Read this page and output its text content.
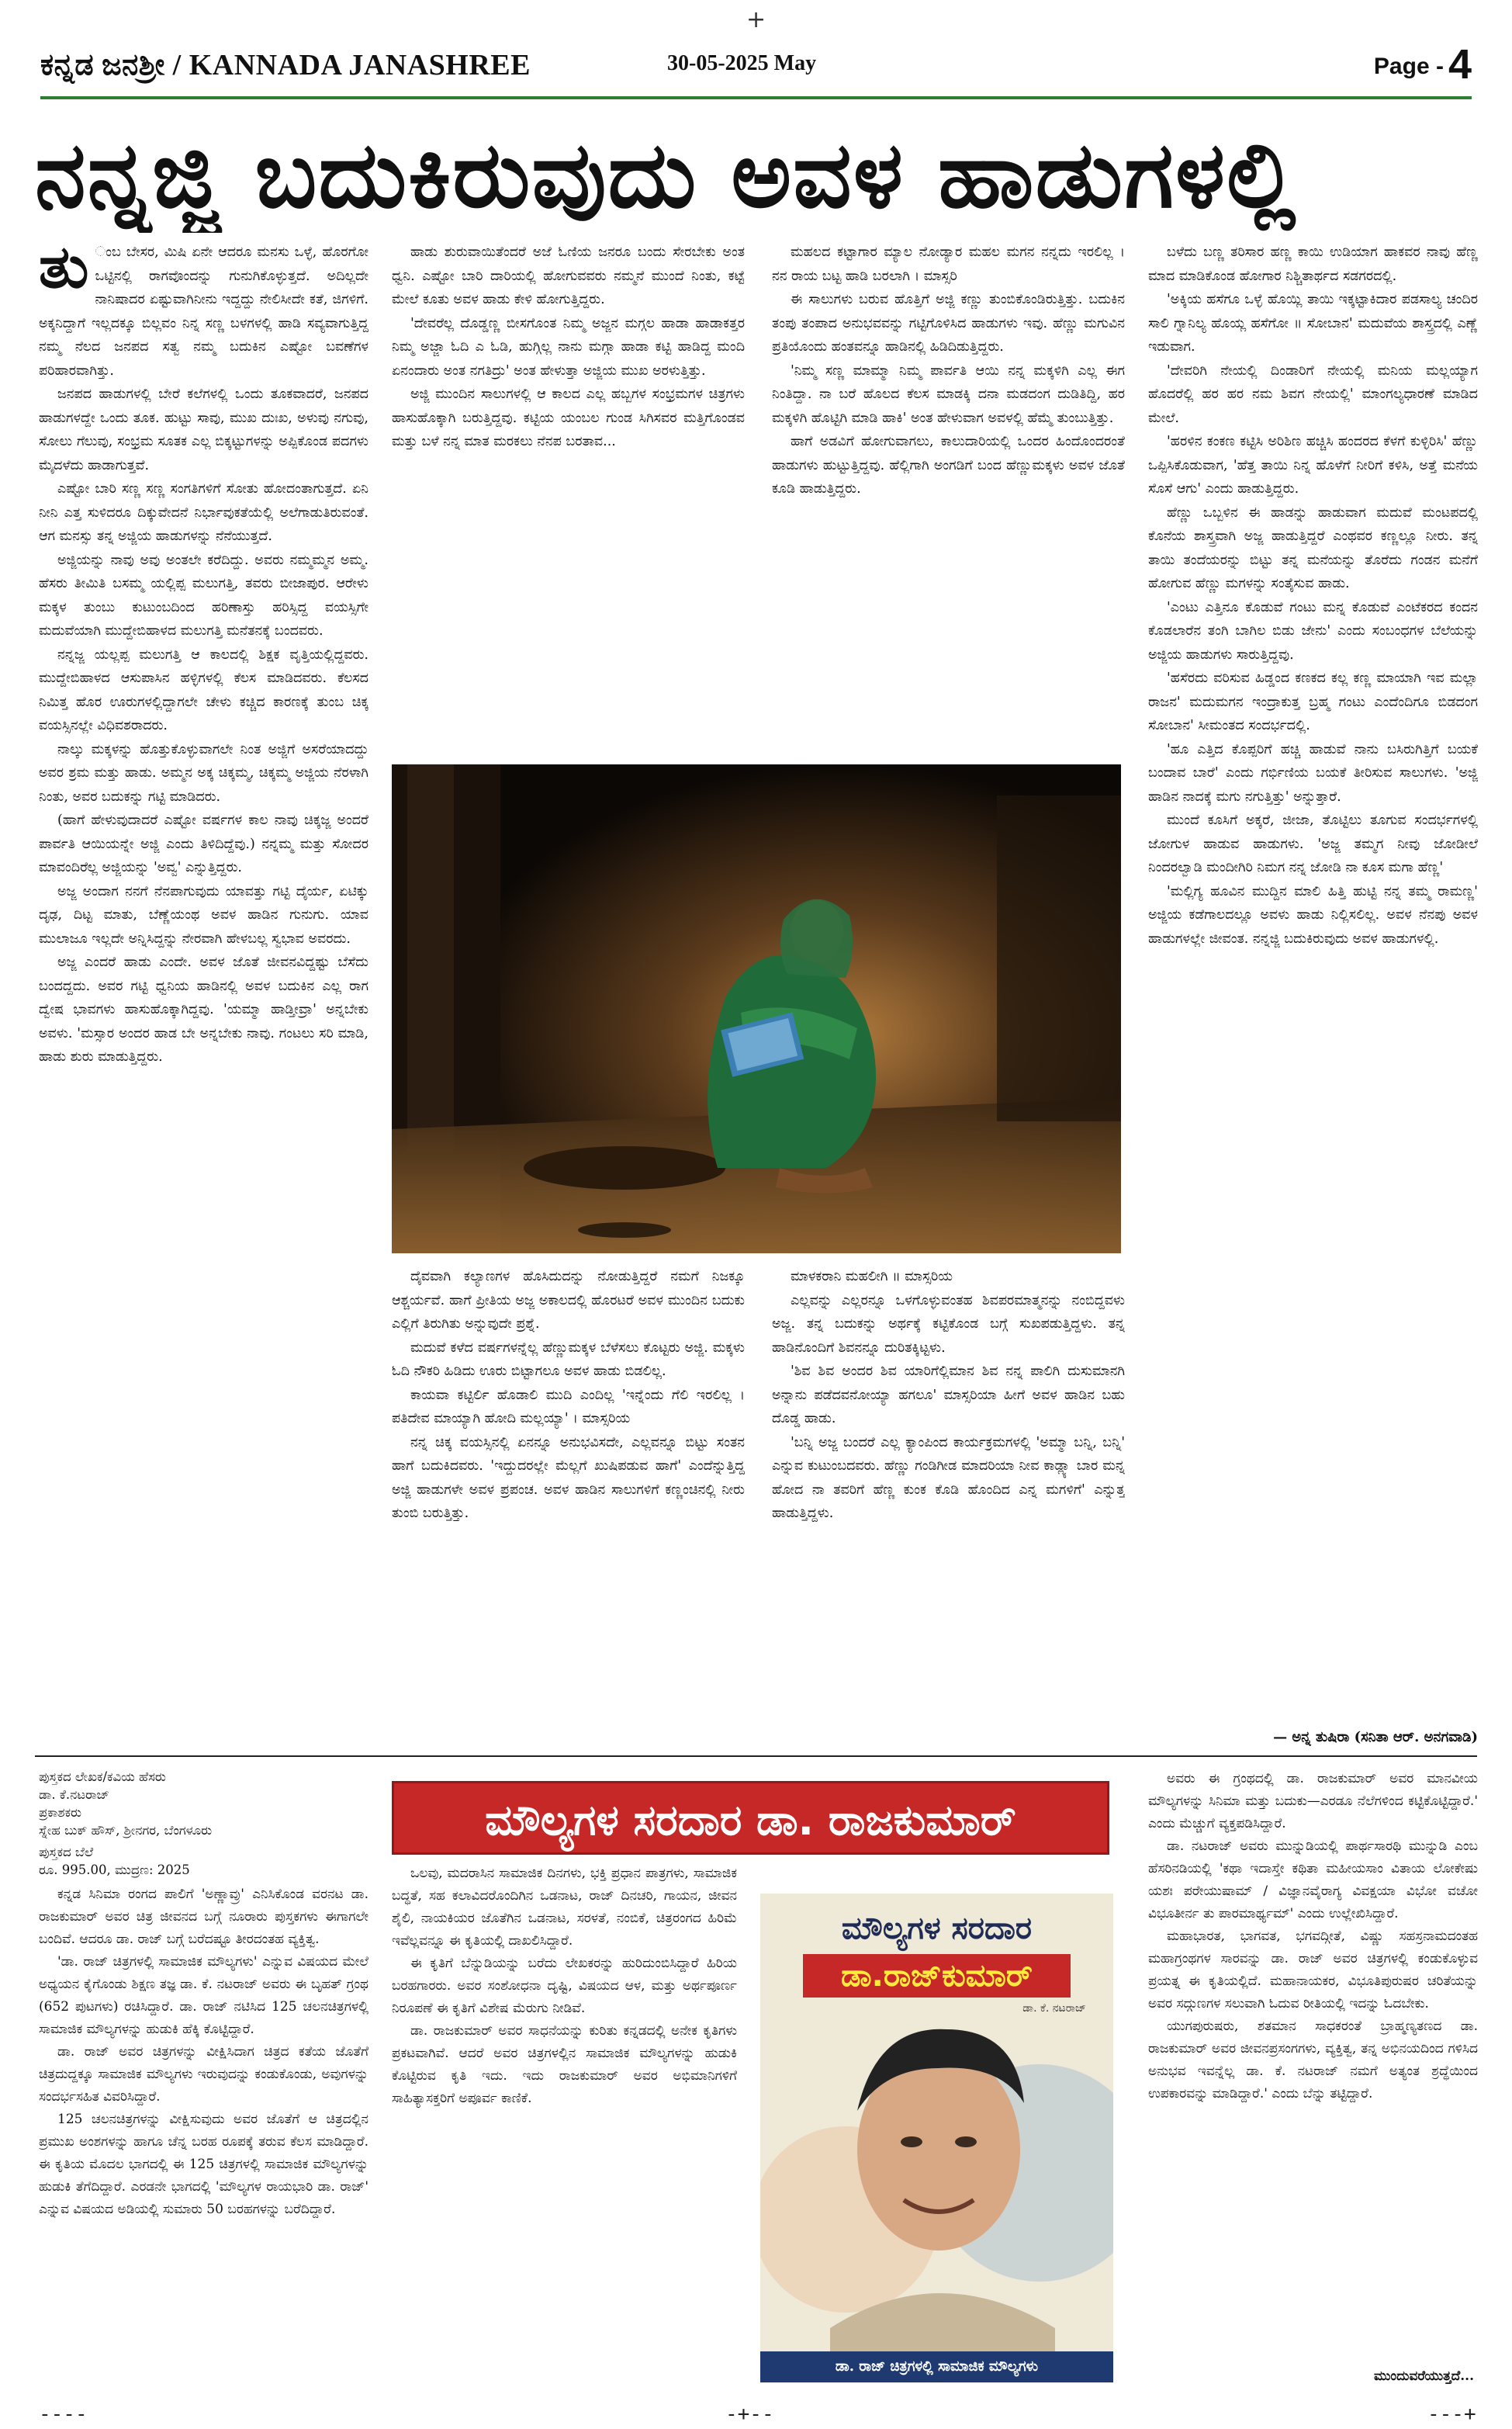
+
ಕನ್ನಡ ಜನಶ್ರೀ / KANNADA JANASHREE	30-05-2025 May	Page - 4
ನನ್ನಜ್ಜಿ ಬದುಕಿರುವುದು ಅವಳ ಹಾಡುಗಳಲ್ಲಿ
ತು ಂಬ ಬೇಸರ, ಮಿಷಿ ಏನೇ ಆದರೂ ಮನಸು ಒಳ್ಳೆ, ಹೊರಗೋ ಒಟ್ಟಿನಲ್ಲಿ ರಾಗವೊಂದನ್ನು ಗುನುಗಿಕೊಳ್ಳುತ್ತದೆ. ಅದಿಲ್ಲದೇ ನಾನಿಷಾದರ ಏಷ್ಟುವಾಗಿನೀನು ಇದ್ದದ್ದು ನೇಲಿಸೀದೇ ಕತೆ, ಜಿಗಳಿಗೆ. ಅಕ್ಕನಿದ್ದಾಗೆ ಇಲ್ಲದಕ್ಕೂ ಬಿಲ್ಲವಂ ನಿನ್ನ ಸಣ್ಣ ಬಳಗಳಲ್ಲಿ ಹಾಡಿ ಸವ್ಯವಾಗುತ್ತಿದ್ದ ನಮ್ಮ ನೆಲದ ಜನಪದ ಸತ್ವ ನಮ್ಮ ಬದುಕಿನ ಎಷ್ಟೋ ಬವಣೆಗಳ ಪರಿಹಾರವಾಗಿತ್ತು.

ಜನಪದ ಹಾಡುಗಳಲ್ಲಿ ಬೇರೆ ಕಲೆಗಳಲ್ಲಿ ಒಂದು ತೂಕವಾದರೆ, ಜನಪದ ಹಾಡುಗಳದ್ದೇ ಒಂದು ತೂಕ. ಹುಟ್ಟು ಸಾವು, ಮುಖ ದುಃಖ, ಅಳುವು ನಗುವು, ಸೋಲು ಗೆಲುವು, ಸಂಭ್ರಮ ಸೂತಕ ಎಲ್ಲ ಬಿಕ್ಕಟ್ಟುಗಳನ್ನು ಅಪ್ಪಿಕೊಂಡ ಪದಗಳು ಮೈದಳೆದು ಹಾಡಾಗುತ್ತವೆ.

ಎಷ್ಟೋ ಬಾರಿ ಸಣ್ಣ ಸಣ್ಣ ಸಂಗತಿಗಳಿಗೆ ಸೋತು ಹೋದಂತಾಗುತ್ತದೆ. ಏನಿ ನೀನಿ ಎತ್ತ ಸುಳಿದರೂ ದಿಕ್ಕುವೇದನೆ ನಿರ್ಭಾವುಕತೆಯೆಲ್ಲಿ ಅಲೆಗಾಡುತಿರುವಂತೆ. ಆಗ ಮನಸ್ಸು ತನ್ನ ಅಜ್ಜಿಯ ಹಾಡುಗಳನ್ನು ನೆನೆಯುತ್ತದೆ.

ಅಜ್ಜಿಯನ್ನು ನಾವು ಅವು ಅಂತಲೇ ಕರೆದಿದ್ದು. ಅವರು ನಮ್ಮಮ್ಮನ ಅಮ್ಮ. ಹೆಸರು ತೀಮಿತಿ ಬಸಮ್ಮ ಯಲ್ಲಿಪ್ಪ ಮಲುಗತ್ತಿ, ತವರು ಬೀಜಾಪುರ. ಆರೇಳು ಮಕ್ಕಳ ತುಂಬು ಕುಟುಂಬದಿಂದ ಹರಿಣಾಸ್ತು ಹರಿಸ್ಸಿದ್ದ ವಯಸ್ಸಿಗೇ ಮದುವೆಯಾಗಿ ಮುದ್ದೇಬಿಹಾಳದ ಮಲುಗತ್ತಿ ಮನೆತನಕ್ಕೆ ಬಂದವರು.

ನನ್ನಜ್ಜ ಯಲ್ಲಪ್ಪ ಮಲುಗತ್ತಿ ಆ ಕಾಲದಲ್ಲಿ ಶಿಕ್ಷಕ ವೃತ್ತಿಯಲ್ಲಿದ್ದವರು. ಮುದ್ದೇಬಿಹಾಳದ ಆಸುಪಾಸಿನ ಹಳ್ಳಿಗಳಲ್ಲಿ ಕೆಲಸ ಮಾಡಿದವರು. ಕೆಲಸದ ನಿಮಿತ್ತ ಹೊರ ಊರುಗಳಲ್ಲಿದ್ದಾಗಲೇ ಚೇಳು ಕಚ್ಚಿದ ಕಾರಣಕ್ಕೆ ತುಂಬ ಚಿಕ್ಕ ವಯಸ್ಸಿನಲ್ಲೇ ವಿಧಿವಶರಾದರು.

ನಾಲ್ಕು ಮಕ್ಕಳನ್ನು ಹೊತ್ತುಕೊಳ್ಳುವಾಗಲೇ ನಿಂತ ಅಜ್ಜಿಗೆ ಅಸರೆಯಾದದ್ದು ಅವರ ಶ್ರಮ ಮತ್ತು ಹಾಡು. ಅಮ್ಮನ ಅಕ್ಕ ಚಿಕ್ಕಮ್ಮ, ಚಿಕ್ಕಮ್ಮ ಅಜ್ಜಿಯ ನೆರಳಾಗಿ ನಿಂತು, ಅವರ ಬದುಕನ್ನು ಗಟ್ಟಿ ಮಾಡಿದರು.

(ಹಾಗೆ ಹೇಳುವುದಾದರೆ ಎಷ್ಟೋ ವರ್ಷಗಳ ಕಾಲ ನಾವು ಚಿಕ್ಕಜ್ಜ ಅಂದರೆ ಪಾರ್ವತಿ ಆಯಿಯನ್ನೇ ಅಜ್ಜಿ ಎಂದು ತಿಳಿದಿದ್ದೆವು.) ನನ್ನಮ್ಮ ಮತ್ತು ಸೋದರ ಮಾವಂದಿರೆಲ್ಲ ಅಜ್ಜಿಯನ್ನು 'ಅವ್ವ' ಎನ್ನುತ್ತಿದ್ದರು.

ಅಜ್ಜ ಅಂದಾಗ ನನಗೆ ನೆನಪಾಗುವುದು ಯಾವತ್ತು ಗಟ್ಟಿ ದೈರ್ಯ, ಏಟಿಕ್ಕು ದೃಢ, ದಿಟ್ಟ ಮಾತು, ಬೆಣ್ಣೆಯಂಥ ಅವಳ ಹಾಡಿನ ಗುನುಗು. ಯಾವ ಮುಲಾಜೂ ಇಲ್ಲದೇ ಅನ್ನಿಸಿದ್ದನ್ನು ನೇರವಾಗಿ ಹೇಳಬಲ್ಲ ಸ್ವಭಾವ ಅವರದು.

ಅಜ್ಜ ಎಂದರೆ ಹಾಡು ಎಂದೇ. ಅವಳ ಜೊತೆ ಜೀವನವಿದ್ದಷ್ಟು ಬೆಸೆದು ಬಂದದ್ದದು. ಅವರ ಗಟ್ಟಿ ಧ್ವನಿಯ ಹಾಡಿನಲ್ಲಿ ಅವಳ ಬದುಕಿನ ಎಲ್ಲ ರಾಗ ದ್ವೇಷ ಭಾವಗಳು ಹಾಸುಹೊಕ್ಕಾಗಿದ್ದವು. 'ಯಮ್ಮಾ ಹಾಡ್ತೀವ್ರಾ' ಅನ್ನಬೇಕು ಅವಳು. 'ಮಸ್ಸಾರ ಅಂದರ ಹಾಡ ಬೇ ಅನ್ನಬೇಕು ನಾವು. ಗಂಟಲು ಸರಿ ಮಾಡಿ, ಹಾಡು ಶುರು ಮಾಡುತ್ತಿದ್ದರು.

ಹಾಡು ಶುರುವಾಯಿತೆಂದರೆ ಅಜೆ ಓಣಿಯ ಜನರೂ ಬಂದು ಸೇರಬೇಕು ಅಂತ ಧ್ವನಿ. ಎಷ್ಟೋ ಬಾರಿ ದಾರಿಯಲ್ಲಿ ಹೋಗುವವರು ನಮ್ಮನೆ ಮುಂದೆ ನಿಂತು, ಕಟ್ಟೆ ಮೇಲೆ ಕೂತು ಅವಳ ಹಾಡು ಕೇಳಿ ಹೋಗುತ್ತಿದ್ದರು.

'ದೇವರೆಲ್ಲ ದೊಡ್ಡಣ್ಣ ಬೀಸಗೊಂತ ನಿಮ್ಮ ಅಜ್ಜನ ಮಗ್ಗಲ ಹಾಡಾ ಹಾಡಾಕತ್ತರ ನಿಮ್ಮ ಅಜ್ಜಾ ಓದಿ ಎ ಓಡಿ, ಹುಗ್ಗಿಲ್ಲ ನಾನು ಮಗ್ಗಾ ಹಾಡಾ ಕಟ್ಟಿ ಹಾಡಿದ್ದ ಮಂದಿ ಏನಂದಾರು ಅಂತ ನಗತಿದ್ರು' ಅಂತ ಹೇಳುತ್ತಾ ಅಜ್ಜಿಯ ಮುಖ ಅರಳುತ್ತಿತ್ತು.

ಅಜ್ಜಿ ಮುಂದಿನ ಸಾಲುಗಳಲ್ಲಿ ಆ ಕಾಲದ ಎಲ್ಲ ಹಬ್ಬಗಳ ಸಂಭ್ರಮಗಳ ಚಿತ್ರಗಳು ಹಾಸುಹೊಕ್ಕಾಗಿ ಬರುತ್ತಿದ್ದವು. ಕಟ್ಟಿಯ ಯಂಬಲ ಗುಂಡ ಸಿಗಿಸವರ ಮತ್ತಿಗೊಂಡವ ಮತ್ತು ಬಳೆ ನನ್ನ ಮಾತ ಮರಕಲು ನೆನಪ ಬರತಾವ...

ಮಹಲದ ಕಟ್ಟಾಗಾರ ಮ್ಯಾಲ ನೋಡ್ಯಾರ ಮಹಲ ಮಗನ ನನ್ನದು ಇರಲಿಲ್ಲ । ನನ ರಾಯ ಬಟ್ಟ ಹಾಡಿ ಬರಲಾಗಿ । ಮಾಸ್ಸರಿ

ಈ ಸಾಲುಗಳು ಬರುವ ಹೊತ್ತಿಗೆ ಅಜ್ಜಿ ಕಣ್ಣು ತುಂಬಿಕೊಂಡಿರುತ್ತಿತ್ತು. ಬದುಕಿನ ತಂಪು ತಂಪಾದ ಅನುಭವವನ್ನು ಗಟ್ಟಿಗೊಳಿಸಿದ ಹಾಡುಗಳು ಇವು. ಹೆಣ್ಣು ಮಗುವಿನ ಪ್ರತಿಯೊಂದು ಹಂತವನ್ನೂ ಹಾಡಿನಲ್ಲಿ ಹಿಡಿದಿಡುತ್ತಿದ್ದರು.

'ನಿಮ್ಮ ಸಣ್ಣ ಮಾಮ್ಮಾ ನಿಮ್ಮ ಪಾರ್ವತಿ ಆಯಿ ನನ್ನ ಮಕ್ಕಳಿಗಿ ಎಲ್ಲ ಈಗ ನಿಂತಿದ್ದಾ. ನಾ ಬರೆ ಹೊಲದ ಕೆಲಸ ಮಾಡಕ್ಕಿ ದನಾ ಮಡದಂಗ ದುಡಿತಿದ್ದಿ, ಹರ ಮಕ್ಕಳಿಗಿ ಹೊಟ್ಟಿಗಿ ಮಾಡಿ ಹಾಕಿ' ಅಂತ ಹೇಳುವಾಗ ಅವಳಲ್ಲಿ ಹೆಮ್ಮೆ ತುಂಬುತ್ತಿತ್ತು.

ಹಾಗೆ ಅಡವಿಗೆ ಹೋಗುವಾಗಲು, ಕಾಲುದಾರಿಯಲ್ಲಿ ಒಂದರ ಹಿಂದೊಂದರಂತೆ ಹಾಡುಗಳು ಹುಟ್ಟುತ್ತಿದ್ದವು. ಹೆಲ್ಲಿಗಾಗಿ ಅಂಗಡಿಗೆ ಬಂದ ಹೆಣ್ಣುಮಕ್ಕಳು ಅವಳ ಜೊತೆ ಕೂಡಿ ಹಾಡುತ್ತಿದ್ದರು.

ಬಳೆದು ಬಣ್ಣ ತರಿಸಾರ ಹಣ್ಣ ಕಾಯಿ ಉಡಿಯಾಗ ಹಾಕವರ ನಾವು ಹೆಣ್ಣ ಮಾದ ಮಾಡಿಕೊಂಡ ಹೋಗಾರ ನಿಶ್ಚಿತಾರ್ಥದ ಸಡಗರದಲ್ಲಿ.

'ಅಕ್ಕಿಯ ಹಸೆಗೂ ಒಳ್ಳೆ ಹೊಯ್ಲಿ ತಾಯಿ ಇಕ್ಕಟ್ಟಾಕಿದಾರ ಪಡಸಾಲ್ಯ ಚಂದಿರ ಸಾಲಿ ಗ್ನಾನಿಲ್ಯ ಹೊಯ್ಲ ಹಸೆಗೋ ॥ ಸೋಬಾನ' ಮದುವೆಯ ಶಾಸ್ತ್ರದಲ್ಲಿ ಎಣ್ಣೆ ಇಡುವಾಗ.

'ದೇವರಿಗಿ ನೇಯಲ್ಲಿ ದಿಂಡಾರಿಗೆ ನೇಯಲ್ಲಿ ಮನಿಯ ಮಲ್ಲಯ್ಯಾಗ ಹೊದರೆಲ್ಲಿ ಹರ ಹರ ನಮ ಶಿವಗ ನೇಯಲ್ಲಿ' ಮಾಂಗಲ್ಯಧಾರಣೆ ಮಾಡಿದ ಮೇಲೆ.

'ಹರಳಿನ ಕಂಕಣ ಕಟ್ಟಿಸಿ ಅರಿಶಿಣ ಹಚ್ಚಿಸಿ ಹಂದರದ ಕೆಳಗೆ ಕುಳ್ಳಿರಿಸಿ' ಹೆಣ್ಣು ಒಪ್ಪಿಸಿಕೊಡುವಾಗ, 'ಹೆತ್ತ ತಾಯಿ ನಿನ್ನ ಹೊಳೆಗೆ ನೀರಿಗೆ ಕಳಿಸಿ, ಅತ್ತೆ ಮನೆಯ ಸೊಸೆ ಆಗು' ಎಂದು ಹಾಡುತ್ತಿದ್ದರು.

ಹೆಣ್ಣು ಒಬ್ಬಳಿನ ಈ ಹಾಡನ್ನು ಹಾಡುವಾಗ ಮದುವೆ ಮಂಟಪದಲ್ಲಿ ಕೊನೆಯ ಶಾಸ್ತ್ರವಾಗಿ ಅಜ್ಜ ಹಾಡುತ್ತಿದ್ದರೆ ಎಂಥವರ ಕಣ್ಣಲ್ಲೂ ನೀರು. ತನ್ನ ತಾಯಿ ತಂದೆಯರನ್ನು ಬಿಟ್ಟು ತನ್ನ ಮನೆಯನ್ನು ತೊರೆದು ಗಂಡನ ಮನೆಗೆ ಹೋಗುವ ಹೆಣ್ಣು ಮಗಳನ್ನು ಸಂತೈಸುವ ಹಾಡು.

'ಎಂಟು ಎತ್ತಿನೂ ಕೊಡುವೆ ಗಂಟು ಮನ್ನ ಕೊಡುವೆ ಎಂಟೆಕರದ ಕಂದನ ಕೊಡಲಾರೆನ ತಂಗಿ ಬಾಗಿಲ ಬಿಡು ಜೇನು' ಎಂದು ಸಂಬಂಧಗಳ ಬೆಲೆಯನ್ನು ಅಜ್ಜಿಯ ಹಾಡುಗಳು ಸಾರುತ್ತಿದ್ದವು.

'ಹಸೆರದು ವರಿಸುವ ಹಿಡ್ಡಂದ ಕಣಕದ ಕಲ್ಲ ಕಣ್ಣ ಮಾಯಾಗಿ ಇವ ಮಲ್ಲಾ ರಾಜನ' ಮದುಮಗನ ಇಂದ್ರಾಕುತ್ತ ಬ್ರಹ್ಮ ಗಂಟು ಎಂದೆಂದಿಗೂ ಬಿಡದಂಗ ಸೋಬಾನ' ಸೀಮಂತದ ಸಂದರ್ಭದಲ್ಲಿ.

'ಹೂ ಎತ್ತಿದ ಕೊಪ್ಪರಿಗೆ ಹಚ್ಚಿ ಹಾಡುವೆ ನಾನು ಬಸಿರುಗಿತ್ತಿಗೆ ಬಯಕೆ ಬಂದಾವ ಬಾರೆ' ಎಂದು ಗರ್ಭಿಣಿಯ ಬಯಕೆ ತೀರಿಸುವ ಸಾಲುಗಳು. 'ಅಜ್ಜಿ ಹಾಡಿನ ನಾದಕ್ಕೆ ಮಗು ನಗುತ್ತಿತ್ತು' ಅನ್ನುತ್ತಾರೆ.

ಮುಂದೆ ಕೂಸಿಗೆ ಅಕ್ಕರೆ, ಜೀಜಾ, ತೊಟ್ಟಿಲು ತೂಗುವ ಸಂದರ್ಭಗಳಲ್ಲಿ ಜೋಗುಳ ಹಾಡುವ ಹಾಡುಗಳು. 'ಅಜ್ಜ ತಮ್ಮಗ ನೀವು ಜೋಡೀಲೆ ನಿಂದರಲ್ವಾಡಿ ಮಂದೀಗಿರಿ ನಿಮಗ ನನ್ನ ಜೋಡಿ ನಾ ಕೂಸ ಮಗಾ ಹೆಣ್ಣ'

'ಮಲ್ಲಿಗ್ಯ ಹೂವಿನ ಮುದ್ದಿನ ಮಾಲಿ ಹಿತ್ತಿ ಹುಟ್ಟಿ ನನ್ನ ತಮ್ಮ ರಾಮಣ್ಣ' ಅಜ್ಜಿಯ ಕಡೆಗಾಲದಲ್ಲೂ ಅವಳು ಹಾಡು ನಿಲ್ಲಿಸಲಿಲ್ಲ. ಅವಳ ನೆನಪು ಅವಳ ಹಾಡುಗಳಲ್ಲೇ ಜೀವಂತ. ನನ್ನಜ್ಜಿ ಬದುಕಿರುವುದು ಅವಳ ಹಾಡುಗಳಲ್ಲಿ.

ದೈವವಾಗಿ ಕಲ್ಯಾಣಗಳ ಹೊಸಿದುದನ್ನು ನೋಡುತ್ತಿದ್ದರೆ ನಮಗೆ ನಿಜಕ್ಕೂ ಆಶ್ಚರ್ಯವೆ. ಹಾಗೆ ಪ್ರೀತಿಯ ಅಜ್ಜ ಅಕಾಲದಲ್ಲಿ ಹೊರಟರೆ ಅವಳ ಮುಂದಿನ ಬದುಕು ಎಲ್ಲಿಗೆ ತಿರುಗಿತು ಅನ್ನುವುದೇ ಪ್ರಶ್ನೆ.

ಮದುವೆ ಕಳೆದ ವರ್ಷಗಳನ್ನೆಲ್ಲ ಹೆಣ್ಣುಮಕ್ಕಳ ಬೆಳೆಸಲು ಕೊಟ್ಟರು ಅಜ್ಜಿ. ಮಕ್ಕಳು ಓದಿ ನೌಕರಿ ಹಿಡಿದು ಊರು ಬಿಟ್ಟಾಗಲೂ ಅವಳ ಹಾಡು ಬಿಡಲಿಲ್ಲ.

ಕಾಯವಾ ಕಟ್ಟಿರ್ಲಿ ಹೊಡಾಲಿ ಮುದಿ ಎಂದಿಲ್ಲ 'ಇನ್ನೆಂದು ಗೆಲಿ ಇರಲಿಲ್ಲ । ಪತಿದೇವ ಮಾಯ್ಯಾಗಿ ಹೋದಿ ಮಲ್ಲಯ್ಯಾ' । ಮಾಸ್ಸರಿಯ

ನನ್ನ ಚಿಕ್ಕ ವಯಸ್ಸಿನಲ್ಲಿ ಏನನ್ನೂ ಅನುಭವಿಸದೇ, ಎಲ್ಲವನ್ನೂ ಬಿಟ್ಟು ಸಂತನ ಹಾಗೆ ಬದುಕಿದವರು. 'ಇದ್ದುದರಲ್ಲೇ ಮೆಲ್ಲಗೆ ಖುಷಿಪಡುವ ಹಾಗೆ' ಎಂದೆನ್ನುತ್ತಿದ್ದ ಅಜ್ಜಿ ಹಾಡುಗಳೇ ಅವಳ ಪ್ರಪಂಚ. ಅವಳ ಹಾಡಿನ ಸಾಲುಗಳಿಗೆ ಕಣ್ಣಂಚಿನಲ್ಲಿ ನೀರು ತುಂಬಿ ಬರುತ್ತಿತ್ತು.

ಮಾಳಕರಾನಿ ಮಹಲೀಗಿ ॥ ಮಾಸ್ಸರಿಯ

ಎಲ್ಲವನ್ನು ಎಲ್ಲರನ್ನೂ ಒಳಗೊಳ್ಳುವಂತಹ ಶಿವಪರಮಾತ್ಮನನ್ನು ನಂಬಿದ್ದವಳು ಅಜ್ಜ. ತನ್ನ ಬದುಕನ್ನು ಅರ್ಥಕ್ಕೆ ಕಟ್ಟಿಕೊಂಡ ಬಗ್ಗೆ ಸುಖಪಡುತ್ತಿದ್ದಳು. ತನ್ನ ಹಾಡಿನೊಂದಿಗೆ ಶಿವನನ್ನೂ ದುರಿತಕ್ಕಿಟ್ಟಳು.

'ಶಿವ ಶಿವ ಅಂದರ ಶಿವ ಯಾರಿಗೆಲ್ಲಿಮಾನ ಶಿವ ನನ್ನ ಪಾಲಿಗಿ ದುಸುಮಾನಗಿ ಅನ್ನಾನು ಪಡೆದವನೋಯ್ಯಾ ಹಗಲೂ' ಮಾಸ್ಸರಿಯಾ ಹೀಗೆ ಅವಳ ಹಾಡಿನ ಬಹು ದೊಡ್ಡ ಹಾಡು.

'ಬನ್ನಿ ಅಜ್ಜ ಬಂದರೆ ಎಲ್ಲ ಕ್ಯಾಂಪಿಂದ ಕಾರ್ಯಕ್ರಮಗಳಲ್ಲಿ 'ಅಮ್ಮಾ ಬನ್ನಿ, ಬನ್ನಿ' ಎನ್ನುವ ಕುಟುಂಬದವರು. ಹೆಣ್ಣು ಗಂಡಿಗೀಡ ಮಾದರಿಯಾ ನೀವ ಕಾಡ್ಲ್ಯಾ ಬಾರ ಮನ್ನ ಹೋದ ನಾ ತವರಿಗೆ ಹೆಣ್ಣ ಕುಂಕ ಕೊಡಿ ಹೊಂದಿದ ಎನ್ನ ಮಗಳಿಗೆ' ಎನ್ನುತ್ತ ಹಾಡುತ್ತಿದ್ದಳು.

— ಅನ್ನ ತುಷಿರಾ (ಸನಿತಾ ಆರ್. ಅನಗವಾಡಿ)
ಪುಸ್ತಕದ ಲೇಖಕ/ಕವಿಯ ಹೆಸರು
ಡಾ. ಕೆ.ನಟರಾಜ್
ಪ್ರಕಾಶಕರು
ಸ್ನೇಹ ಬುಕ್ ಹೌಸ್, ಶ್ರೀನಗರ, ಬೆಂಗಳೂರು
ಪುಸ್ತಕದ ಬೆಲೆ
ರೂ. 995.00, ಮುದ್ರಣ: 2025

ಕನ್ನಡ ಸಿನಿಮಾ ರಂಗದ ಪಾಲಿಗೆ 'ಅಣ್ಣಾವ್ರು' ಎನಿಸಿಕೊಂಡ ವರನಟ ಡಾ. ರಾಜಕುಮಾರ್ ಅವರ ಚಿತ್ರ ಜೀವನದ ಬಗ್ಗೆ ನೂರಾರು ಪುಸ್ತಕಗಳು ಈಗಾಗಲೇ ಬಂದಿವೆ. ಆದರೂ ಡಾ. ರಾಜ್ ಬಗ್ಗೆ ಬರೆದಷ್ಟೂ ತೀರದಂತಹ ವ್ಯಕ್ತಿತ್ವ.

'ಡಾ. ರಾಜ್ ಚಿತ್ರಗಳಲ್ಲಿ ಸಾಮಾಜಿಕ ಮೌಲ್ಯಗಳು' ಎನ್ನುವ ವಿಷಯದ ಮೇಲೆ ಅಧ್ಯಯನ ಕೈಗೊಂಡು ಶಿಕ್ಷಣ ತಜ್ಞ ಡಾ. ಕೆ. ನಟರಾಜ್ ಅವರು ಈ ಬೃಹತ್ ಗ್ರಂಥ (652 ಪುಟಗಳು) ರಚಿಸಿದ್ದಾರೆ. ಡಾ. ರಾಜ್ ನಟಿಸಿದ 125 ಚಲನಚಿತ್ರಗಳಲ್ಲಿ ಸಾಮಾಜಿಕ ಮೌಲ್ಯಗಳನ್ನು ಹುಡುಕಿ ಹೆಕ್ಕಿ ಕೊಟ್ಟಿದ್ದಾರೆ.

ಡಾ. ರಾಜ್ ಅವರ ಚಿತ್ರಗಳನ್ನು ವೀಕ್ಷಿಸಿದಾಗ ಚಿತ್ರದ ಕತೆಯ ಜೊತೆಗೆ ಚಿತ್ರದುದ್ದಕ್ಕೂ ಸಾಮಾಜಿಕ ಮೌಲ್ಯಗಳು ಇರುವುದನ್ನು ಕಂಡುಕೊಂಡು, ಅವುಗಳನ್ನು ಸಂದರ್ಭಸಹಿತ ವಿವರಿಸಿದ್ದಾರೆ.

125 ಚಲನಚಿತ್ರಗಳನ್ನು ವೀಕ್ಷಿಸುವುದು ಅವರ ಜೊತೆಗೆ ಆ ಚಿತ್ರದಲ್ಲಿನ ಪ್ರಮುಖ ಅಂಶಗಳನ್ನು ಹಾಗೂ ಚೆನ್ನ ಬರಹ ರೂಪಕ್ಕೆ ತರುವ ಕೆಲಸ ಮಾಡಿದ್ದಾರೆ. ಈ ಕೃತಿಯ ಮೊದಲ ಭಾಗದಲ್ಲಿ ಈ 125 ಚಿತ್ರಗಳಲ್ಲಿ ಸಾಮಾಜಿಕ ಮೌಲ್ಯಗಳನ್ನು ಹುಡುಕಿ ತೆಗೆದಿದ್ದಾರೆ. ಎರಡನೇ ಭಾಗದಲ್ಲಿ 'ಮೌಲ್ಯಗಳ ರಾಯಭಾರಿ ಡಾ. ರಾಜ್' ಎನ್ನುವ ವಿಷಯದ ಅಡಿಯಲ್ಲಿ ಸುಮಾರು 50 ಬರಹಗಳನ್ನು ಬರೆದಿದ್ದಾರೆ.

ಮೌಲ್ಯಗಳ ಸರದಾರ ಡಾ. ರಾಜಕುಮಾರ್

ಒಲವು, ಮದರಾಸಿನ ಸಾಮಾಜಿಕ ದಿನಗಳು, ಭಕ್ತಿ ಪ್ರಧಾನ ಪಾತ್ರಗಳು, ಸಾಮಾಜಿಕ ಬದ್ಧತೆ, ಸಹ ಕಲಾವಿದರೊಂದಿಗಿನ ಒಡನಾಟ, ರಾಜ್ ದಿನಚರಿ, ಗಾಯನ, ಜೀವನ ಶೈಲಿ, ನಾಯಕಿಯರ ಜೊತೆಗಿನ ಒಡನಾಟ, ಸರಳತೆ, ನಂಬಿಕೆ, ಚಿತ್ರರಂಗದ ಹಿರಿಮೆ ಇವೆಲ್ಲವನ್ನೂ ಈ ಕೃತಿಯಲ್ಲಿ ದಾಖಲಿಸಿದ್ದಾರೆ.

ಈ ಕೃತಿಗೆ ಬೆನ್ನುಡಿಯನ್ನು ಬರೆದು ಲೇಖಕರನ್ನು ಹುರಿದುಂಬಿಸಿದ್ದಾರೆ ಹಿರಿಯ ಬರಹಗಾರರು. ಅವರ ಸಂಶೋಧನಾ ದೃಷ್ಟಿ, ವಿಷಯದ ಆಳ, ಮತ್ತು ಅರ್ಥಪೂರ್ಣ ನಿರೂಪಣೆ ಈ ಕೃತಿಗೆ ವಿಶೇಷ ಮೆರುಗು ನೀಡಿವೆ.

ಡಾ. ರಾಜಕುಮಾರ್ ಅವರ ಸಾಧನೆಯನ್ನು ಕುರಿತು ಕನ್ನಡದಲ್ಲಿ ಅನೇಕ ಕೃತಿಗಳು ಪ್ರಕಟವಾಗಿವೆ. ಆದರೆ ಅವರ ಚಿತ್ರಗಳಲ್ಲಿನ ಸಾಮಾಜಿಕ ಮೌಲ್ಯಗಳನ್ನು ಹುಡುಕಿ ಕೊಟ್ಟಿರುವ ಕೃತಿ ಇದು. ಇದು ರಾಜಕುಮಾರ್ ಅವರ ಅಭಿಮಾನಿಗಳಿಗೆ ಸಾಹಿತ್ಯಾಸಕ್ತರಿಗೆ ಅಪೂರ್ವ ಕಾಣಿಕೆ.

ಮೌಲ್ಯಗಳ ಸರದಾರ
ಡಾ.ರಾಜ್‌ಕುಮಾರ್
ಡಾ. ಕೆ. ನಟರಾಜ್
ಡಾ. ರಾಜ್ ಚಿತ್ರಗಳಲ್ಲಿ ಸಾಮಾಜಿಕ ಮೌಲ್ಯಗಳು

ಅವರು ಈ ಗ್ರಂಥದಲ್ಲಿ ಡಾ. ರಾಜಕುಮಾರ್ ಅವರ ಮಾನವೀಯ ಮೌಲ್ಯಗಳನ್ನು ಸಿನಿಮಾ ಮತ್ತು ಬದುಕು—ಎರಡೂ ನೆಲೆಗಳಿಂದ ಕಟ್ಟಿಕೊಟ್ಟಿದ್ದಾರೆ.' ಎಂದು ಮೆಚ್ಚುಗೆ ವ್ಯಕ್ತಪಡಿಸಿದ್ದಾರೆ.

ಡಾ. ನಟರಾಜ್ ಅವರು ಮುನ್ನುಡಿಯಲ್ಲಿ ಪಾರ್ಥಸಾರಥಿ ಮುನ್ನುಡಿ ಎಂಬ ಹೆಸರಿನಡಿಯಲ್ಲಿ 'ಕಥಾ ಇದಾಸ್ತೇ ಕಥಿತಾ ಮಹೀಯಸಾಂ ವಿತಾಯ ಲೋಕೇಷು ಯಶಃ ಪರೇಯುಷಾಮ್ / ವಿಜ್ಞಾನವೈರಾಗ್ಯ ವಿವಕ್ಷಯಾ ವಿಭೋ ವಚೋ ವಿಭೂತೀರ್ನ ತು ಪಾರಮಾರ್ಥ್ಯಮ್' ಎಂದು ಉಲ್ಲೇಖಿಸಿದ್ದಾರೆ.

ಮಹಾಭಾರತ, ಭಾಗವತ, ಭಗವದ್ಗೀತೆ, ವಿಷ್ಣು ಸಹಸ್ರನಾಮದಂತಹ ಮಹಾಗ್ರಂಥಗಳ ಸಾರವನ್ನು ಡಾ. ರಾಜ್ ಅವರ ಚಿತ್ರಗಳಲ್ಲಿ ಕಂಡುಕೊಳ್ಳುವ ಪ್ರಯತ್ನ ಈ ಕೃತಿಯಲ್ಲಿದೆ. ಮಹಾನಾಯಕರ, ವಿಭೂತಿಪುರುಷರ ಚರಿತೆಯನ್ನು ಅವರ ಸದ್ಗುಣಗಳ ಸಲುವಾಗಿ ಓದುವ ರೀತಿಯಲ್ಲಿ ಇದನ್ನು ಓದಬೇಕು.

ಯುಗಪುರುಷರು, ಶತಮಾನ ಸಾಧಕರಂತೆ ಬ್ರಾಹ್ಮಣ್ಯತಣದ ಡಾ. ರಾಜಕುಮಾರ್ ಅವರ ಜೀವನಪ್ರಸಂಗಗಳು, ವ್ಯಕ್ತಿತ್ವ, ತನ್ನ ಅಭಿನಯದಿಂದ ಗಳಿಸಿದ ಅನುಭವ ಇವನ್ನೆಲ್ಲ ಡಾ. ಕೆ. ನಟರಾಜ್ ನಮಗೆ ಅತ್ಯಂತ ಶ್ರದ್ಧೆಯಿಂದ ಉಪಕಾರವನ್ನು ಮಾಡಿದ್ದಾರೆ.' ಎಂದು ಬೆನ್ನು ತಟ್ಟಿದ್ದಾರೆ.

ಮುಂದುವರೆಯುತ್ತದೆ...
----	-+--	---+
